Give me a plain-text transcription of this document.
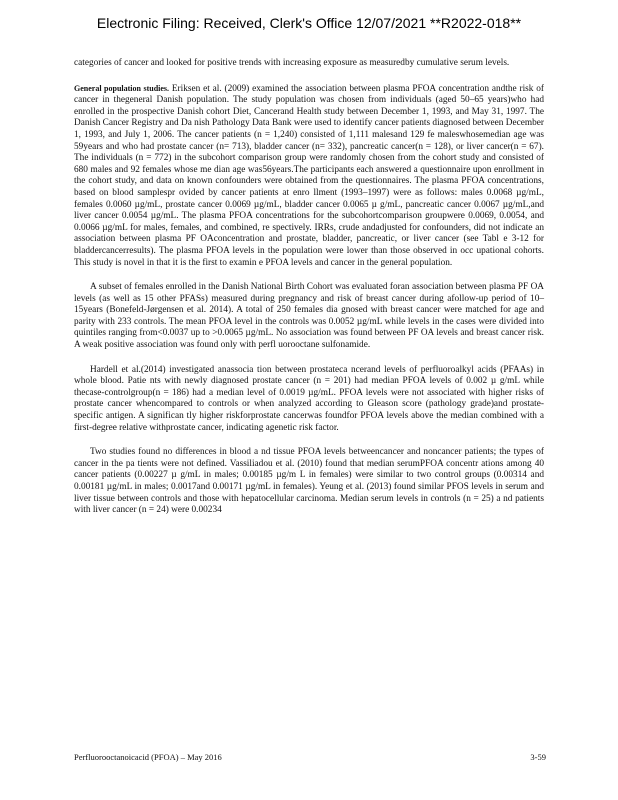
Electronic Filing: Received, Clerk's Office 12/07/2021 **R2022-018**

categories of cancer and looked for positive trends with increasing exposure as measuredby cumulative serum levels.

General population studies. Eriksen et al. (2009) examined the association between plasma PFOA concentration andthe risk of cancer in thegeneral Danish population. The study population was chosen from individuals (aged 50–65 years)who had enrolled in the prospective Danish cohort Diet, Cancerand Health study between December 1, 1993, and May 31, 1997. The Danish Cancer Registry and Da nish Pathology Data Bank were used to identify cancer patients diagnosed between December 1, 1993, and July 1, 2006. The cancer patients (n = 1,240) consisted of 1,111 malesand 129 fe maleswhosemedian age was 59years and who had prostate cancer (n= 713), bladder cancer (n= 332), pancreatic cancer(n = 128), or liver cancer(n = 67). The individuals (n = 772) in the subcohort comparison group were randomly chosen from the cohort study and consisted of 680 males and 92 females whose me dian age was56years.The participants each answered a questionnaire upon enrollment in the cohort study, and data on known confounders were obtained from the questionnaires. The plasma PFOA concentrations, based on blood samplespr ovided by cancer patients at enro llment (1993–1997) were as follows: males 0.0068 µg/mL, females 0.0060 µg/mL, prostate cancer 0.0069 µg/mL, bladder cancer 0.0065 µ g/mL, pancreatic cancer 0.0067 µg/mL,and liver cancer 0.0054 µg/mL. The plasma PFOA concentrations for the subcohortcomparison groupwere 0.0069, 0.0054, and 0.0066 µg/mL for males, females, and combined, re spectively. IRRs, crude andadjusted for confounders, did not indicate an association between plasma PF OAconcentration and prostate, bladder, pancreatic, or liver cancer (see Tabl e 3-12 for bladdercancerresults). The plasma PFOA levels in the population were lower than those observed in occ upational cohorts. This study is novel in that it is the first to examin e PFOA levels and cancer in the general population.

A subset of females enrolled in the Danish National Birth Cohort was evaluated foran association between plasma PF OA levels (as well as 15 other PFASs) measured during pregnancy and risk of breast cancer during afollow-up period of 10–15years (Bonefeld-Jørgensen et al. 2014). A total of 250 females dia gnosed with breast cancer were matched for age and parity with 233 controls. The mean PFOA level in the controls was 0.0052 µg/mL while levels in the cases were divided into quintiles ranging from<0.0037 up to >0.0065 µg/mL. No association was found between PF OA levels and breast cancer risk. A weak positive association was found only with perfl uorooctane sulfonamide.

Hardell et al.(2014) investigated anassocia tion between prostateca ncerand levels of perfluoroalkyl acids (PFAAs) in whole blood. Patie nts with newly diagnosed prostate cancer (n = 201) had median PFOA levels of 0.002 µ g/mL while thecase-controlgroup(n = 186) had a median level of 0.0019 µg/mL. PFOA levels were not associated with higher risks of prostate cancer whencompared to controls or when analyzed according to Gleason score (pathology grade)and prostate-specific antigen. A significan tly higher riskforprostate cancerwas foundfor PFOA levels above the median combined with a first-degree relative withprostate cancer, indicating agenetic risk factor.

Two studies found no differences in blood a nd tissue PFOA levels betweencancer and noncancer patients; the types of cancer in the pa tients were not defined. Vassiliadou et al. (2010) found that median serumPFOA concentr ations among 40 cancer patients (0.00227 µ g/mL in males; 0.00185 µg/m L in females) were similar to two control groups (0.00314 and 0.00181 µg/mL in males; 0.0017and 0.00171 µg/mL in females). Yeung et al. (2013) found similar PFOS levels in serum and liver tissue between controls and those with hepatocellular carcinoma. Median serum levels in controls (n = 25) a nd patients with liver cancer (n = 24) were 0.00234

Perfluorooctanoicacid (PFOA) – May 2016	3-59
